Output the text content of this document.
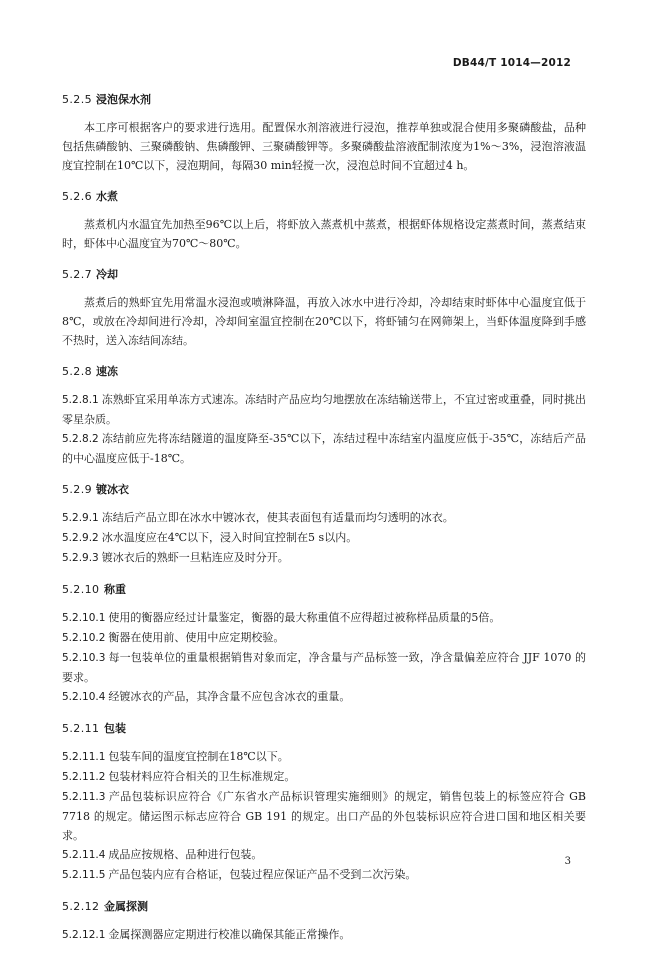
DB44/T 1014—2012
5.2.5 浸泡保水剂

本工序可根据客户的要求进行选用。配置保水剂溶液进行浸泡，推荐单独或混合使用多聚磷酸盐，品种包括焦磷酸钠、三聚磷酸钠、焦磷酸钾、三聚磷酸钾等。多聚磷酸盐溶液配制浓度为1%～3%，浸泡溶液温度宜控制在10℃以下，浸泡期间，每隔30 min轻搅一次，浸泡总时间不宜超过4 h。

5.2.6 水煮

蒸煮机内水温宜先加热至96℃以上后，将虾放入蒸煮机中蒸煮，根据虾体规格设定蒸煮时间，蒸煮结束时，虾体中心温度宜为70℃～80℃。

5.2.7 冷却

蒸煮后的熟虾宜先用常温水浸泡或喷淋降温，再放入冰水中进行冷却，冷却结束时虾体中心温度宜低于8℃，或放在冷却间进行冷却，冷却间室温宜控制在20℃以下，将虾铺匀在网筛架上，当虾体温度降到手感不热时，送入冻结间冻结。

5.2.8 速冻

5.2.8.1 冻熟虾宜采用单冻方式速冻。冻结时产品应均匀地摆放在冻结输送带上，不宜过密或重叠，同时挑出零星杂质。

5.2.8.2 冻结前应先将冻结隧道的温度降至-35℃以下，冻结过程中冻结室内温度应低于-35℃，冻结后产品的中心温度应低于-18℃。

5.2.9 镀冰衣

5.2.9.1 冻结后产品立即在冰水中镀冰衣，使其表面包有适量而均匀透明的冰衣。

5.2.9.2 冰水温度应在4℃以下，浸入时间宜控制在5 s以内。

5.2.9.3 镀冰衣后的熟虾一旦粘连应及时分开。

5.2.10 称重

5.2.10.1 使用的衡器应经过计量鉴定，衡器的最大称重值不应得超过被称样品质量的5倍。

5.2.10.2 衡器在使用前、使用中应定期校验。

5.2.10.3 每一包装单位的重量根据销售对象而定，净含量与产品标签一致，净含量偏差应符合 JJF 1070 的要求。

5.2.10.4 经镀冰衣的产品，其净含量不应包含冰衣的重量。

5.2.11 包装

5.2.11.1 包装车间的温度宜控制在18℃以下。

5.2.11.2 包装材料应符合相关的卫生标准规定。

5.2.11.3 产品包装标识应符合《广东省水产品标识管理实施细则》的规定，销售包装上的标签应符合 GB 7718 的规定。储运图示标志应符合 GB 191 的规定。出口产品的外包装标识应符合进口国和地区相关要求。

5.2.11.4 成品应按规格、品种进行包装。

5.2.11.5 产品包装内应有合格证，包装过程应保证产品不受到二次污染。

5.2.12 金属探测

5.2.12.1 金属探测器应定期进行校准以确保其能正常操作。

3
